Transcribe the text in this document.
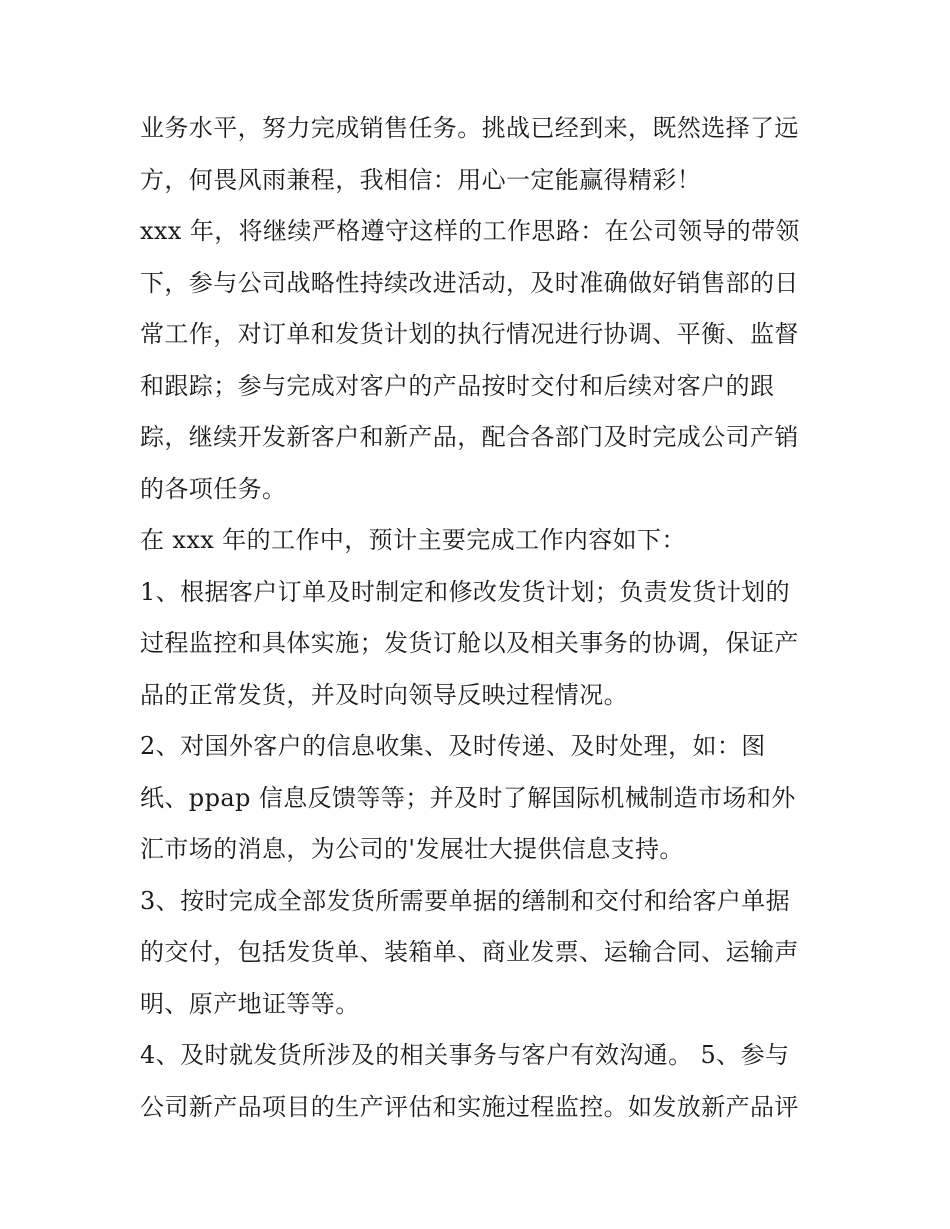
业务水平，努力完成销售任务。挑战已经到来，既然选择了远
方，何畏风雨兼程，我相信：用心一定能赢得精彩！

xxx 年，将继续严格遵守这样的工作思路：在公司领导的带领
下，参与公司战略性持续改进活动，及时准确做好销售部的日
常工作，对订单和发货计划的执行情况进行协调、平衡、监督
和跟踪；参与完成对客户的产品按时交付和后续对客户的跟
踪，继续开发新客户和新产品，配合各部门及时完成公司产销
的各项任务。

在 xxx 年的工作中，预计主要完成工作内容如下：

1、根据客户订单及时制定和修改发货计划；负责发货计划的
过程监控和具体实施；发货订舱以及相关事务的协调，保证产
品的正常发货，并及时向领导反映过程情况。

2、对国外客户的信息收集、及时传递、及时处理，如：图
纸、ppap 信息反馈等等；并及时了解国际机械制造市场和外
汇市场的消息，为公司的'发展壮大提供信息支持。

3、按时完成全部发货所需要单据的缮制和交付和给客户单据
的交付，包括发货单、装箱单、商业发票、运输合同、运输声
明、原产地证等等。

4、及时就发货所涉及的相关事务与客户有效沟通。 5、参与
公司新产品项目的生产评估和实施过程监控。如发放新产品评
